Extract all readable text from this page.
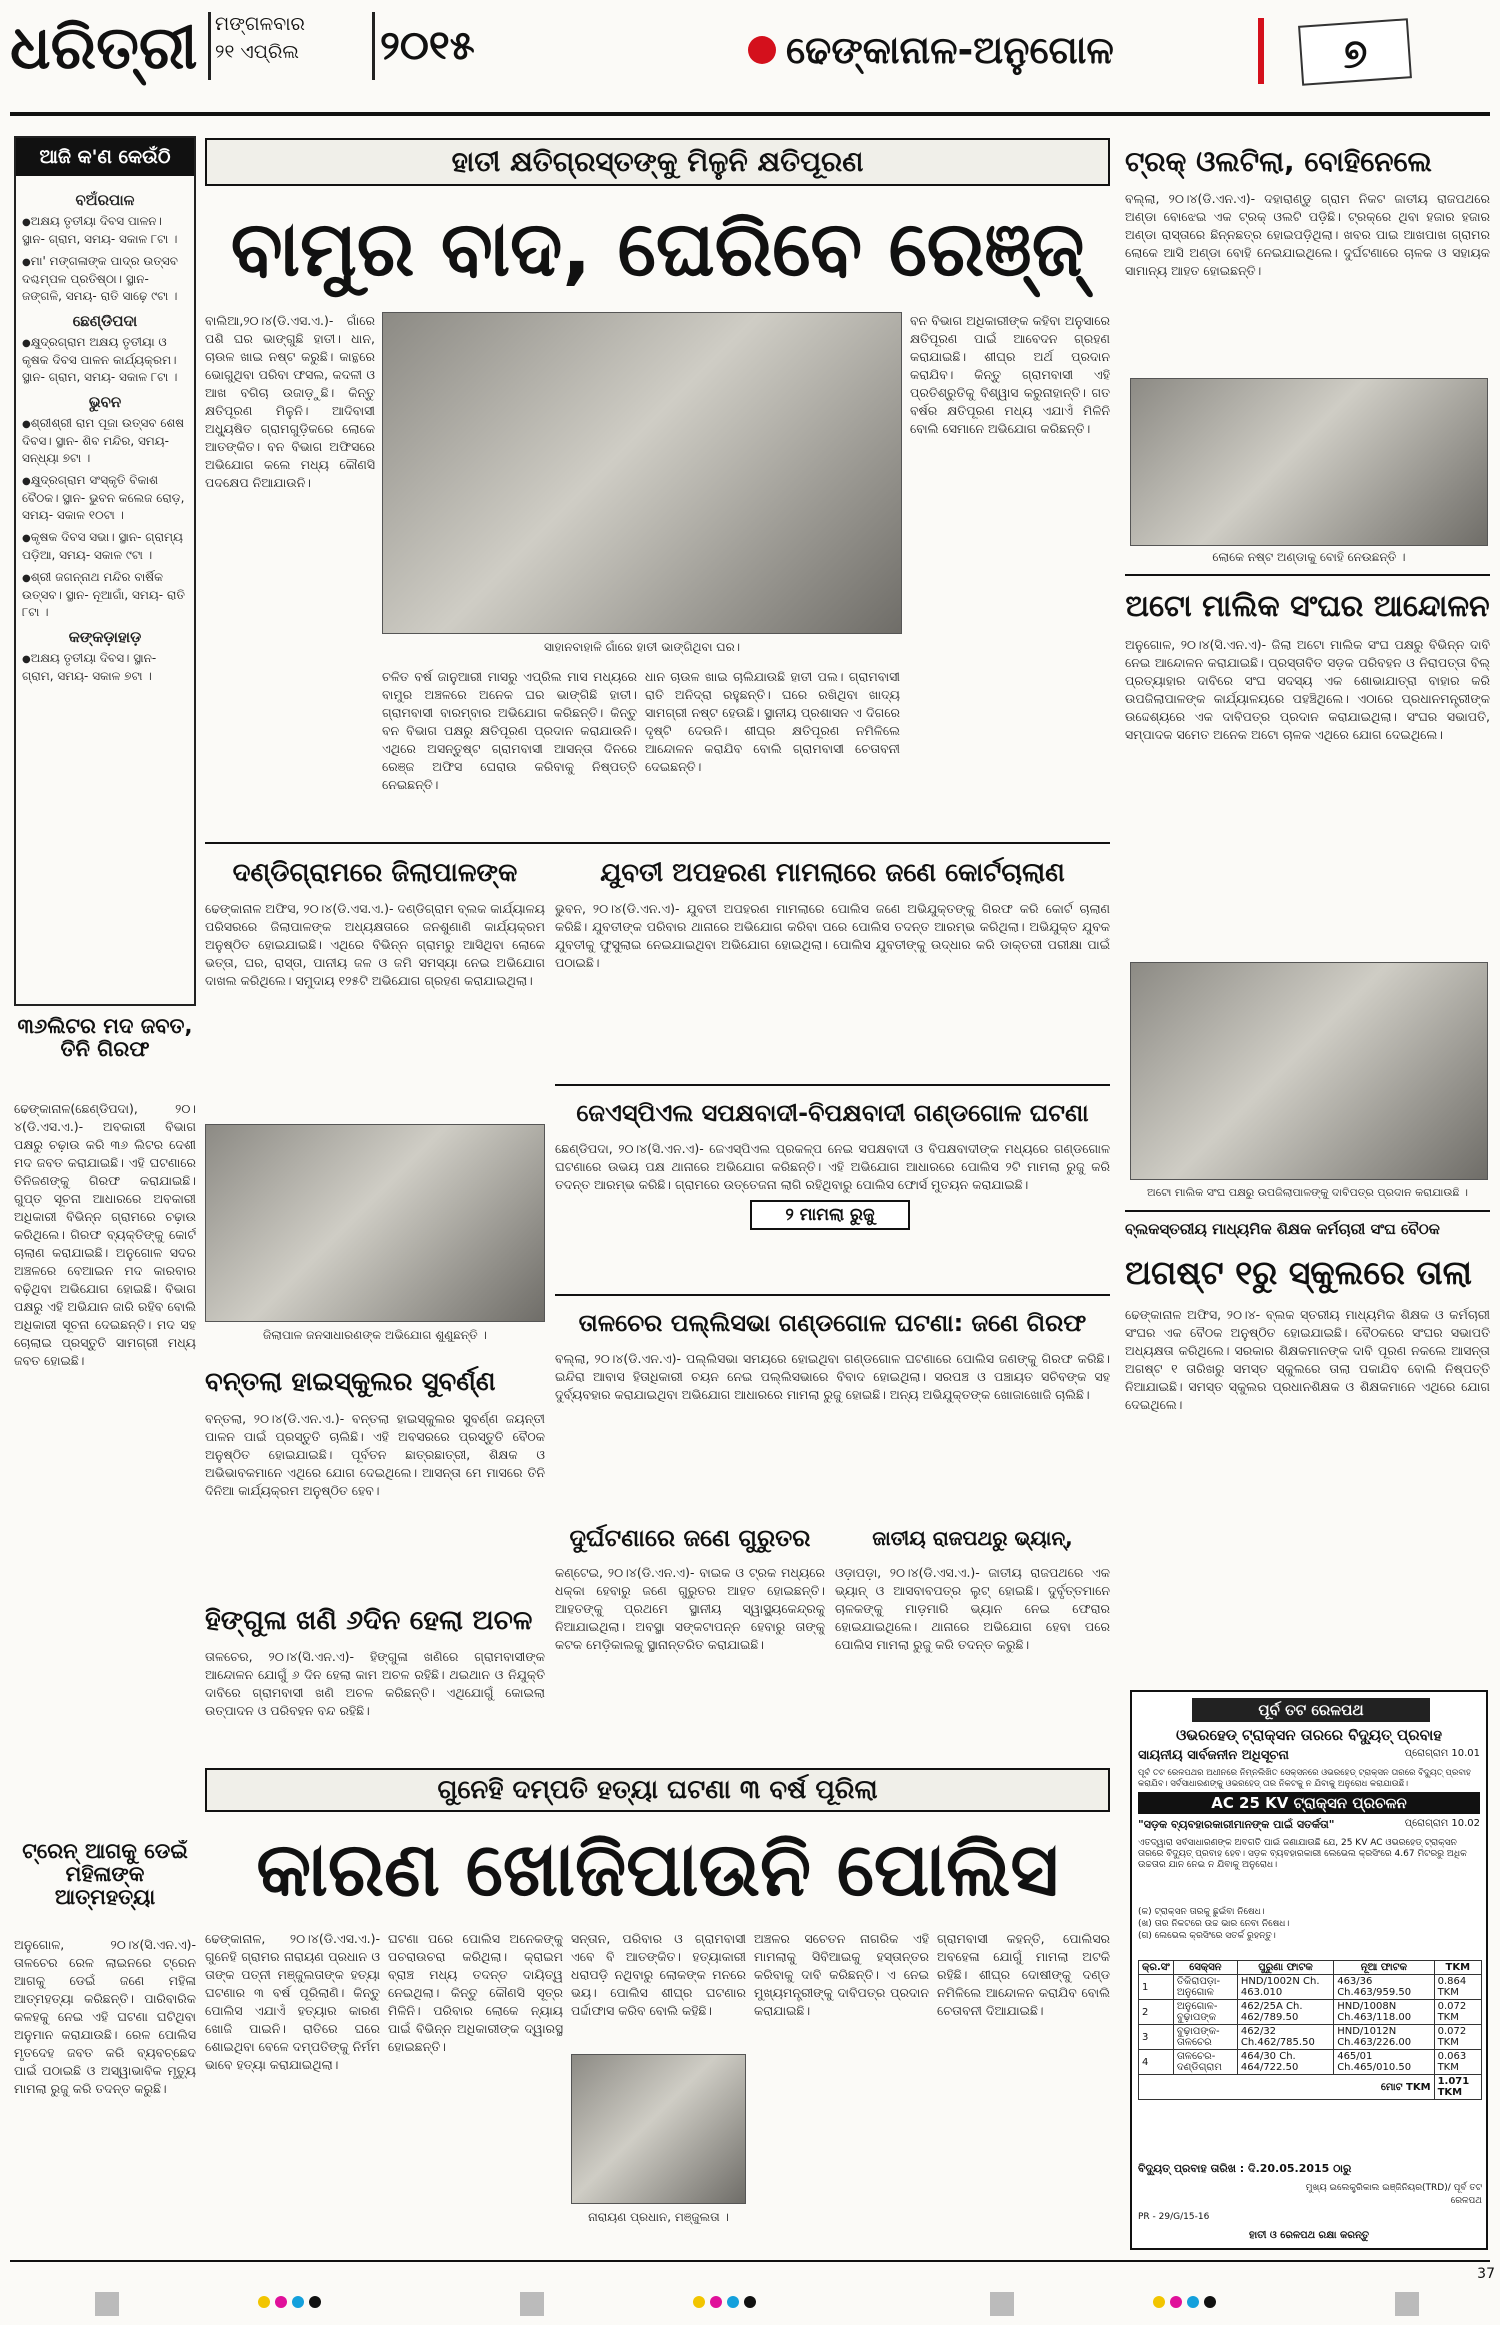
ଧରିତ୍ରୀ ମଙ୍ଗଳବାର
୨୧ ଏପ୍ରିଲ	୨୦୧୫	ଢେଙ୍କାନାଳ-ଅନୁଗୋଳ	୭
ଆଜି କ'ଣ କେଉଁଠି
ବଅଁରପାଳ
● ଅକ୍ଷୟ ତୃତୀୟା ଦିବସ ପାଳନ। ସ୍ଥାନ- ଗ୍ରାମ, ସମୟ- ସକାଳ ୮ଟା ।
● ମା' ମଙ୍ଗଳାଙ୍କ ପାଦ୍ର ଉତ୍ସବ ଦଶ୍ଚମ୍ପଳ ପ୍ରତିଷ୍ଠା। ସ୍ଥାନ- ଜଙ୍ଗଳି, ସମୟ- ରାତି ସାଢ଼େ ୯ଟା ।
ଛେଣ୍ଡିପଦା
● କ୍ଷୁଦ୍ରଗ୍ରାମ ଅକ୍ଷୟ ତୃତୀୟା ଓ କୃଷକ ଦିବସ ପାଳନ କାର୍ଯ୍ୟକ୍ରମ। ସ୍ଥାନ- ଗ୍ରାମ, ସମୟ- ସକାଳ ୮ଟା ।
ଭୁବନ
● ଶ୍ରୀଶ୍ରୀ ରାମ ପୂଜା ଉତ୍ସବ ଶେଷ ଦିବସ। ସ୍ଥାନ- ଶିବ ମନ୍ଦିର, ସମୟ- ସନ୍ଧ୍ୟା ୭ଟା ।
● କ୍ଷୁଦ୍ରଗ୍ରାମ ସଂସ୍କୃତି ବିକାଶ ବୈଠକ। ସ୍ଥାନ- ଭୁବନ କଲେଜ ରୋଡ଼, ସମୟ- ସକାଳ ୧୦ଟା ।
● କୃଷକ ଦିବସ ସଭା। ସ୍ଥାନ- ଗ୍ରାମ୍ୟ ପଡ଼ିଆ, ସମୟ- ସକାଳ ୯ଟା ।
● ଶ୍ରୀ ଜଗନ୍ନାଥ ମନ୍ଦିର ବାର୍ଷିକ ଉତ୍ସବ। ସ୍ଥାନ- ନୂଆଗାଁ, ସମୟ- ରାତି ୮ଟା ।
କଙ୍କଡ଼ାହାଡ଼
● ଅକ୍ଷୟ ତୃତୀୟା ଦିବସ। ସ୍ଥାନ- ଗ୍ରାମ, ସମୟ- ସକାଳ ୭ଟା ।
୩୬ଲିଟର ମଦ ଜବତ, ତିନି ଗିରଫ
ଢେଙ୍କାନାଳ(ଛେଣ୍ଡିପଦା), ୨୦।୪(ଡି.ଏସ.ଏ.)- ଅବକାରୀ ବିଭାଗ ପକ୍ଷରୁ ଚଢ଼ାଉ କରି ୩୬ ଲିଟର ଦେଶୀ ମଦ ଜବତ କରାଯାଇଛି। ଏହି ଘଟଣାରେ ତିନିଜଣଙ୍କୁ ଗିରଫ କରାଯାଇଛି। ଗୁପ୍ତ ସୂଚନା ଆଧାରରେ ଅବକାରୀ ଅଧିକାରୀ ବିଭିନ୍ନ ଗ୍ରାମରେ ଚଢ଼ାଉ କରିଥିଲେ। ଗିରଫ ବ୍ୟକ୍ତିଙ୍କୁ କୋର୍ଟ ଚାଲାଣ କରାଯାଇଛି। ଅନୁଗୋଳ ସଦର ଅଞ୍ଚଳରେ ବେଆଇନ ମଦ କାରବାର ବଢ଼ିଥିବା ଅଭିଯୋଗ ହୋଇଛି। ବିଭାଗ ପକ୍ଷରୁ ଏହି ଅଭିଯାନ ଜାରି ରହିବ ବୋଲି ଅଧିକାରୀ ସୂଚନା ଦେଇଛନ୍ତି। ମଦ ସହ ଚୋଲାଇ ପ୍ରସ୍ତୁତି ସାମଗ୍ରୀ ମଧ୍ୟ ଜବତ ହୋଇଛି।
ହାତୀ କ୍ଷତିଗ୍ରସ୍ତଙ୍କୁ ମିଳୁନି କ୍ଷତିପୂରଣ
ବାମୁର ବାଦ, ଘେରିବେ ରେଞ୍ଜ୍
ବାଲିଆ,୨୦।୪(ଡି.ଏସ.ଏ.)- ଗାଁରେ ପଶି ଘର ଭାଙ୍ଗୁଛି ହାତୀ। ଧାନ, ଚାଉଳ ଖାଇ ନଷ୍ଟ କରୁଛି। କାନ୍ଥରେ ଭୋଗୁଥିବା ପରିବା ଫସଲ, କଦଳୀ ଓ ଆଖ ବଗିଚା ଉଜାଡ଼ୁଛି। କିନ୍ତୁ କ୍ଷତିପୂରଣ ମିଳୁନି। ଆଦିବାସୀ ଅଧ୍ୟୁଷିତ ଗ୍ରାମଗୁଡ଼ିକରେ ଲୋକେ ଆତଙ୍କିତ। ବନ ବିଭାଗ ଅଫିସରେ ଅଭିଯୋଗ କଲେ ମଧ୍ୟ କୌଣସି ପଦକ୍ଷେପ ନିଆଯାଉନି।
ସାହାନବାହାଳି ଗାଁରେ ହାତୀ ଭାଙ୍ଗିଥିବା ଘର।
ଚଳିତ ବର୍ଷ ଜାନୁଆରୀ ମାସରୁ ଏପ୍ରିଲ ମାସ ମଧ୍ୟରେ ବାମୁର ଅଞ୍ଚଳରେ ଅନେକ ଘର ଭାଙ୍ଗିଛି ହାତୀ। ଗ୍ରାମବାସୀ ବାରମ୍ବାର ଅଭିଯୋଗ କରିଛନ୍ତି। କିନ୍ତୁ ବନ ବିଭାଗ ପକ୍ଷରୁ କ୍ଷତିପୂରଣ ପ୍ରଦାନ କରାଯାଉନି। ଏଥିରେ ଅସନ୍ତୁଷ୍ଟ ଗ୍ରାମବାସୀ ଆସନ୍ତା ଦିନରେ ରେଞ୍ଜ ଅଫିସ ଘେରାଉ କରିବାକୁ ନିଷ୍ପତ୍ତି ନେଇଛନ୍ତି।
ଧାନ ଚାଉଳ ଖାଇ ଚାଲିଯାଉଛି ହାତୀ ପଲ। ଗ୍ରାମବାସୀ ରାତି ଅନିଦ୍ରା ରହୁଛନ୍ତି। ଘରେ ରଖିଥିବା ଖାଦ୍ୟ ସାମଗ୍ରୀ ନଷ୍ଟ ହେଉଛି। ସ୍ଥାନୀୟ ପ୍ରଶାସନ ଏ ଦିଗରେ ଦୃଷ୍ଟି ଦେଉନି। ଶୀଘ୍ର କ୍ଷତିପୂରଣ ନମିଳିଲେ ଆନ୍ଦୋଳନ କରାଯିବ ବୋଲି ଗ୍ରାମବାସୀ ଚେତାବନୀ ଦେଇଛନ୍ତି।
ବନ ବିଭାଗ ଅଧିକାରୀଙ୍କ କହିବା ଅନୁସାରେ କ୍ଷତିପୂରଣ ପାଇଁ ଆବେଦନ ଗ୍ରହଣ କରାଯାଇଛି। ଶୀଘ୍ର ଅର୍ଥ ପ୍ରଦାନ କରାଯିବ। କିନ୍ତୁ ଗ୍ରାମବାସୀ ଏହି ପ୍ରତିଶ୍ରୁତିକୁ ବିଶ୍ୱାସ କରୁନାହାନ୍ତି। ଗତ ବର୍ଷର କ୍ଷତିପୂରଣ ମଧ୍ୟ ଏଯାଏଁ ମିଳିନି ବୋଲି ସେମାନେ ଅଭିଯୋଗ କରିଛନ୍ତି।
ଟ୍ରକ୍ ଓଲଟିଲା, ବୋହିନେଲେ
ବଲ୍ଲା, ୨୦।୪(ଡି.ଏନ.ଏ)- ଦହାରାଣ୍ଡୁ ଗ୍ରାମ ନିକଟ ଜାତୀୟ ରାଜପଥରେ ଅଣ୍ଡା ବୋଝେଇ ଏକ ଟ୍ରକ୍ ଓଲଟି ପଡ଼ିଛି। ଟ୍ରକ୍‌ରେ ଥିବା ହଜାର ହଜାର ଅଣ୍ଡା ରାସ୍ତାରେ ଛିନ୍ନଛତ୍ର ହୋଇପଡ଼ିଥିଲା। ଖବର ପାଇ ଆଖପାଖ ଗ୍ରାମର ଲୋକେ ଆସି ଅଣ୍ଡା ବୋହି ନେଇଯାଇଥିଲେ। ଦୁର୍ଘଟଣାରେ ଚାଳକ ଓ ସହାୟକ ସାମାନ୍ୟ ଆହତ ହୋଇଛନ୍ତି।
ଲୋକେ ନଷ୍ଟ ଅଣ୍ଡାକୁ ବୋହି ନେଉଛନ୍ତି ।
ଅଟୋ ମାଲିକ ସଂଘର ଆନ୍ଦୋଳନ
ଅନୁଗୋଳ, ୨୦।୪(ସି.ଏନ.ଏ)- ଜିଲା ଅଟୋ ମାଲିକ ସଂଘ ପକ୍ଷରୁ ବିଭିନ୍ନ ଦାବି ନେଇ ଆନ୍ଦୋଳନ କରାଯାଇଛି। ପ୍ରସ୍ତାବିତ ସଡ଼କ ପରିବହନ ଓ ନିରାପତ୍ତା ବିଲ୍ ପ୍ରତ୍ୟାହାର ଦାବିରେ ସଂଘ ସଦସ୍ୟ ଏକ ଶୋଭାଯାତ୍ରା ବାହାର କରି ଉପଜିଲାପାଳଙ୍କ କାର୍ଯ୍ୟାଳୟରେ ପହଞ୍ଚିଥିଲେ। ଏଠାରେ ପ୍ରଧାନମନ୍ତ୍ରୀଙ୍କ ଉଦ୍ଦେଶ୍ୟରେ ଏକ ଦାବିପତ୍ର ପ୍ରଦାନ କରାଯାଇଥିଲା। ସଂଘର ସଭାପତି, ସମ୍ପାଦକ ସମେତ ଅନେକ ଅଟୋ ଚାଳକ ଏଥିରେ ଯୋଗ ଦେଇଥିଲେ।
ଅଟୋ ମାଲିକ ସଂଘ ପକ୍ଷରୁ ଉପଜିଲାପାଳଙ୍କୁ ଦାବିପତ୍ର ପ୍ରଦାନ କରାଯାଉଛି ।
ବ୍ଲକସ୍ତରୀୟ ମାଧ୍ୟମିକ ଶିକ୍ଷକ କର୍ମଚାରୀ ସଂଘ ବୈଠକ
ଅଗଷ୍ଟ ୧ରୁ ସ୍କୁଲରେ ତାଲା
ଢେଙ୍କାନାଳ ଅଫିସ, ୨୦।୪- ବ୍ଲକ ସ୍ତରୀୟ ମାଧ୍ୟମିକ ଶିକ୍ଷକ ଓ କର୍ମଚାରୀ ସଂଘର ଏକ ବୈଠକ ଅନୁଷ୍ଠିତ ହୋଇଯାଇଛି। ବୈଠକରେ ସଂଘର ସଭାପତି ଅଧ୍ୟକ୍ଷତା କରିଥିଲେ। ସରକାର ଶିକ୍ଷକମାନଙ୍କ ଦାବି ପୂରଣ ନକଲେ ଆସନ୍ତା ଅଗଷ୍ଟ ୧ ତାରିଖରୁ ସମସ୍ତ ସ୍କୁଲରେ ତାଲା ପକାଯିବ ବୋଲି ନିଷ୍ପତ୍ତି ନିଆଯାଇଛି। ସମସ୍ତ ସ୍କୁଲର ପ୍ରଧାନଶିକ୍ଷକ ଓ ଶିକ୍ଷକମାନେ ଏଥିରେ ଯୋଗ ଦେଇଥିଲେ।
ଦଣ୍ଡିଗ୍ରାମରେ ଜିଲାପାଳଙ୍କ
ଢେଙ୍କାନାଳ ଅଫିସ, ୨୦।୪(ଡି.ଏସ.ଏ.)- ଦଣ୍ଡିଗ୍ରାମ ବ୍ଲକ କାର୍ଯ୍ୟାଳୟ ପରିସରରେ ଜିଲାପାଳଙ୍କ ଅଧ୍ୟକ୍ଷତାରେ ଜନଶୁଣାଣି କାର୍ଯ୍ୟକ୍ରମ ଅନୁଷ୍ଠିତ ହୋଇଯାଇଛି। ଏଥିରେ ବିଭିନ୍ନ ଗ୍ରାମରୁ ଆସିଥିବା ଲୋକେ ଭତ୍ତା, ଘର, ରାସ୍ତା, ପାନୀୟ ଜଳ ଓ ଜମି ସମସ୍ୟା ନେଇ ଅଭିଯୋଗ ଦାଖଲ କରିଥିଲେ। ସମୁଦାୟ ୧୨୫ଟି ଅଭିଯୋଗ ଗ୍ରହଣ କରାଯାଇଥିଲା।
ଜିଲାପାଳ ଜନସାଧାରଣଙ୍କ ଅଭିଯୋଗ ଶୁଣୁଛନ୍ତି ।
ବନ୍ତଲା ହାଇସ୍କୁଲର ସୁବର୍ଣ୍ଣ
ବନ୍ତଲା, ୨୦।୪(ଡି.ଏନ.ଏ.)- ବନ୍ତଲା ହାଇସ୍କୁଲର ସୁବର୍ଣ୍ଣ ଜୟନ୍ତୀ ପାଳନ ପାଇଁ ପ୍ରସ୍ତୁତି ଚାଲିଛି। ଏହି ଅବସରରେ ପ୍ରସ୍ତୁତି ବୈଠକ ଅନୁଷ୍ଠିତ ହୋଇଯାଇଛି। ପୂର୍ବତନ ଛାତ୍ରଛାତ୍ରୀ, ଶିକ୍ଷକ ଓ ଅଭିଭାବକମାନେ ଏଥିରେ ଯୋଗ ଦେଇଥିଲେ। ଆସନ୍ତା ମେ ମାସରେ ତିନି ଦିନିଆ କାର୍ଯ୍ୟକ୍ରମ ଅନୁଷ୍ଠିତ ହେବ।
ହିଙ୍ଗୁଳା ଖଣି ୬ଦିନ ହେଲା ଅଚଳ
ତାଳଚେର, ୨୦।୪(ସି.ଏନ.ଏ)- ହିଙ୍ଗୁଳା ଖଣିରେ ଗ୍ରାମବାସୀଙ୍କ ଆନ୍ଦୋଳନ ଯୋଗୁଁ ୬ ଦିନ ହେଲା କାମ ଅଚଳ ରହିଛି। ଥଇଥାନ ଓ ନିଯୁକ୍ତି ଦାବିରେ ଗ୍ରାମବାସୀ ଖଣି ଅଚଳ କରିଛନ୍ତି। ଏଥିଯୋଗୁଁ କୋଇଲା ଉତ୍ପାଦନ ଓ ପରିବହନ ବନ୍ଦ ରହିଛି।
ଯୁବତୀ ଅପହରଣ ମାମଲାରେ ଜଣେ କୋର୍ଟଚାଲାଣ
ଭୁବନ, ୨୦।୪(ଡି.ଏନ.ଏ)- ଯୁବତୀ ଅପହରଣ ମାମଲାରେ ପୋଲିସ ଜଣେ ଅଭିଯୁକ୍ତଙ୍କୁ ଗିରଫ କରି କୋର୍ଟ ଚାଲାଣ କରିଛି। ଯୁବତୀଙ୍କ ପରିବାର ଥାନାରେ ଅଭିଯୋଗ କରିବା ପରେ ପୋଲିସ ତଦନ୍ତ ଆରମ୍ଭ କରିଥିଲା। ଅଭିଯୁକ୍ତ ଯୁବକ ଯୁବତୀକୁ ଫୁସୁଲାଇ ନେଇଯାଇଥିବା ଅଭିଯୋଗ ହୋଇଥିଲା। ପୋଲିସ ଯୁବତୀଙ୍କୁ ଉଦ୍ଧାର କରି ଡାକ୍ତରୀ ପରୀକ୍ଷା ପାଇଁ ପଠାଇଛି।
ଜେଏସ୍‌ପିଏଲ ସପକ୍ଷବାଦୀ-ବିପକ୍ଷବାଦୀ ଗଣ୍ଡଗୋଳ ଘଟଣା
ଛେଣ୍ଡିପଦା, ୨୦।୪(ସି.ଏନ.ଏ)- ଜେଏସ୍‌ପିଏଲ ପ୍ରକଳ୍ପ ନେଇ ସପକ୍ଷବାଦୀ ଓ ବିପକ୍ଷବାଦୀଙ୍କ ମଧ୍ୟରେ ଗଣ୍ଡଗୋଳ ଘଟଣାରେ ଉଭୟ ପକ୍ଷ ଥାନାରେ ଅଭିଯୋଗ କରିଛନ୍ତି। ଏହି ଅଭିଯୋଗ ଆଧାରରେ ପୋଲିସ ୨ଟି ମାମଲା ରୁଜୁ କରି ତଦନ୍ତ ଆରମ୍ଭ କରିଛି। ଗ୍ରାମରେ ଉତ୍ତେଜନା ଲାଗି ରହିଥିବାରୁ ପୋଲିସ ଫୋର୍ସ ମୁତୟନ କରାଯାଇଛି।
୨ ମାମଲା ରୁଜୁ
ତାଳଚେର ପଲ୍ଲିସଭା ଗଣ୍ଡଗୋଳ ଘଟଣା: ଜଣେ ଗିରଫ
ବଲ୍ଲା, ୨୦।୪(ଡି.ଏନ.ଏ)- ପଲ୍ଲିସଭା ସମୟରେ ହୋଇଥିବା ଗଣ୍ଡଗୋଳ ଘଟଣାରେ ପୋଲିସ ଜଣଙ୍କୁ ଗିରଫ କରିଛି। ଇନ୍ଦିରା ଆବାସ ହିତାଧିକାରୀ ଚୟନ ନେଇ ପଲ୍ଲିସଭାରେ ବିବାଦ ହୋଇଥିଲା। ସରପଞ୍ଚ ଓ ପଞ୍ଚାୟତ ସଚିବଙ୍କ ସହ ଦୁର୍ବ୍ୟବହାର କରାଯାଇଥିବା ଅଭିଯୋଗ ଆଧାରରେ ମାମଲା ରୁଜୁ ହୋଇଛି। ଅନ୍ୟ ଅଭିଯୁକ୍ତଙ୍କ ଖୋଜାଖୋଜି ଚାଲିଛି।
ଦୁର୍ଘଟଣାରେ ଜଣେ ଗୁରୁତର
କଣ୍ଟେଇ, ୨୦।୪(ଡି.ଏନ.ଏ)- ବାଇକ ଓ ଟ୍ରକ ମଧ୍ୟରେ ଧକ୍କା ହେବାରୁ ଜଣେ ଗୁରୁତର ଆହତ ହୋଇଛନ୍ତି। ଆହତଙ୍କୁ ପ୍ରଥମେ ସ୍ଥାନୀୟ ସ୍ୱାସ୍ଥ୍ୟକେନ୍ଦ୍ରକୁ ନିଆଯାଇଥିଲା। ଅବସ୍ଥା ସଙ୍କଟାପନ୍ନ ହେବାରୁ ତାଙ୍କୁ କଟକ ମେଡ଼ିକାଲକୁ ସ୍ଥାନାନ୍ତରିତ କରାଯାଇଛି।
ଜାତୀୟ ରାଜପଥରୁ ଭ୍ୟାନ୍,
ଓଡ଼ାପଡ଼ା, ୨୦।୪(ଡି.ଏସ.ଏ.)- ଜାତୀୟ ରାଜପଥରେ ଏକ ଭ୍ୟାନ୍ ଓ ଆସବାବପତ୍ର ଲୁଟ୍ ହୋଇଛି। ଦୁର୍ବୃତ୍ତମାନେ ଚାଳକଙ୍କୁ ମାଡ଼ମାରି ଭ୍ୟାନ ନେଇ ଫେରାର ହୋଇଯାଇଥିଲେ। ଥାନାରେ ଅଭିଯୋଗ ହେବା ପରେ ପୋଲିସ ମାମଲା ରୁଜୁ କରି ତଦନ୍ତ କରୁଛି।
ଗୁନେହି ଦମ୍ପତି ହତ୍ୟା ଘଟଣା ୩ ବର୍ଷ ପୂରିଲା
କାରଣ ଖୋଜିପାଉନି ପୋଲିସ
ଢେଙ୍କାନାଳ, ୨୦।୪(ଡି.ଏସ.ଏ.)- ଗୁନେହି ଗ୍ରାମର ନାରାୟଣ ପ୍ରଧାନ ଓ ତାଙ୍କ ପତ୍ନୀ ମଞ୍ଜୁଲତାଙ୍କ ହତ୍ୟା ଘଟଣାର ୩ ବର୍ଷ ପୂରିଲାଣି। କିନ୍ତୁ ପୋଲିସ ଏଯାଏଁ ହତ୍ୟାର କାରଣ ଖୋଜି ପାଇନି। ରାତିରେ ଘରେ ଶୋଇଥିବା ବେଳେ ଦମ୍ପତିଙ୍କୁ ନିର୍ମମ ଭାବେ ହତ୍ୟା କରାଯାଇଥିଲା।
ଘଟଣା ପରେ ପୋଲିସ ଅନେକଙ୍କୁ ପଚରାଉଚରା କରିଥିଲା। କ୍ରାଇମ ବ୍ରାଞ୍ଚ ମଧ୍ୟ ତଦନ୍ତ ଦାୟିତ୍ୱ ନେଇଥିଲା। କିନ୍ତୁ କୌଣସି ସୂତ୍ର ମିଳିନି। ପରିବାର ଲୋକେ ନ୍ୟାୟ ପାଇଁ ବିଭିନ୍ନ ଅଧିକାରୀଙ୍କ ଦ୍ୱାରସ୍ଥ ହୋଇଛନ୍ତି।
ସନ୍ତାନ, ପରିବାର ଓ ଗ୍ରାମବାସୀ ଏବେ ବି ଆତଙ୍କିତ। ହତ୍ୟାକାରୀ ଧରାପଡ଼ି ନଥିବାରୁ ଲୋକଙ୍କ ମନରେ ଭୟ। ପୋଲିସ ଶୀଘ୍ର ଘଟଣାର ପର୍ଦ୍ଦାଫାସ କରିବ ବୋଲି କହିଛି।
ନାରାୟଣ ପ୍ରଧାନ, ମଞ୍ଜୁଲତା ।
ଅଞ୍ଚଳର ସଚେତନ ନାଗରିକ ଏହି ମାମଲାକୁ ସିବିଆଇକୁ ହସ୍ତାନ୍ତର କରିବାକୁ ଦାବି କରିଛନ୍ତି। ଏ ନେଇ ମୁଖ୍ୟମନ୍ତ୍ରୀଙ୍କୁ ଦାବିପତ୍ର ପ୍ରଦାନ କରାଯାଇଛି।
ଗ୍ରାମବାସୀ କହନ୍ତି, ପୋଲିସର ଅବହେଳା ଯୋଗୁଁ ମାମଲା ଅଟକି ରହିଛି। ଶୀଘ୍ର ଦୋଷୀଙ୍କୁ ଦଣ୍ଡ ନମିଳିଲେ ଆନ୍ଦୋଳନ କରାଯିବ ବୋଲି ଚେତାବନୀ ଦିଆଯାଇଛି।
ଟ୍ରେନ୍ ଆଗକୁ ଡେଇଁ ମହିଳାଙ୍କ ଆତ୍ମହତ୍ୟା
ଅନୁଗୋଳ, ୨୦।୪(ସି.ଏନ.ଏ)- ତାଳଚେର ରେଳ ଲାଇନରେ ଟ୍ରେନ ଆଗକୁ ଡେଇଁ ଜଣେ ମହିଳା ଆତ୍ମହତ୍ୟା କରିଛନ୍ତି। ପାରିବାରିକ କଳହକୁ ନେଇ ଏହି ଘଟଣା ଘଟିଥିବା ଅନୁମାନ କରାଯାଉଛି। ରେଳ ପୋଲିସ ମୃତଦେହ ଜବତ କରି ବ୍ୟବଚ୍ଛେଦ ପାଇଁ ପଠାଇଛି ଓ ଅସ୍ୱାଭାବିକ ମୃତ୍ୟୁ ମାମଲା ରୁଜୁ କରି ତଦନ୍ତ କରୁଛି।
ପୂର୍ବ ତଟ ରେଳପଥ
ଓଭରହେଡ୍ ଟ୍ରାକ୍ସନ ତାରରେ ବିଦ୍ୟୁତ୍ ପ୍ରବାହ
ସାୟନୀୟ ସାର୍ବଜନୀନ ଅଧିସୂଚନା	ପ୍ରୋଗ୍ରାମ 10.01
ପୂର୍ବ ତଟ ରେଳପଥର ଅଧୀନରେ ନିମ୍ନଲିଖିତ ସେକ୍ସନରେ ଓଭରହେଡ୍ ଟ୍ରାକ୍ସନ ତାରରେ ବିଦ୍ୟୁତ୍ ପ୍ରବାହ କରାଯିବ। ସର୍ବସାଧାରଣଙ୍କୁ ଓଭରହେଡ୍ ତାର ନିକଟକୁ ନ ଯିବାକୁ ଅନୁରୋଧ କରାଯାଉଛି।
AC 25 KV ଟ୍ରାକ୍ସନ ପ୍ରଚଳନ
"ସଡ଼କ ବ୍ୟବହାରକାରୀମାନଙ୍କ ପାଇଁ ସତର୍କତା"	ପ୍ରୋଗ୍ରାମ 10.02
ଏତଦ୍ୱାରା ସର୍ବସାଧାରଣଙ୍କ ଅବଗତି ପାଇଁ ଜଣାଯାଉଛି ଯେ, 25 KV AC ଓଭରହେଡ୍ ଟ୍ରାକ୍ସନ ତାରରେ ବିଦ୍ୟୁତ୍ ପ୍ରବାହ ହେବ। ସଡ଼କ ବ୍ୟବହାରକାରୀ ଲେଭେଲ କ୍ରସିଂରେ 4.67 ମିଟରରୁ ଅଧିକ ଉଚ୍ଚତାର ଯାନ ନେଇ ନ ଯିବାକୁ ଅନୁରୋଧ।
(କ) ଟ୍ରାକ୍ସନ ତାରକୁ ଛୁଇଁବା ନିଷେଧ।
(ଖ) ତାର ନିକଟରେ ଉଚ୍ଚ ଭାର ନେବା ନିଷେଧ।
(ଗ) ଲେଭେଲ କ୍ରସିଂରେ ସତର୍କ ରୁହନ୍ତୁ।
କ୍ର.ସଂ	ସେକ୍ସନ	ପୁରୁଣା ଫାଟକ	ନୂଆ ଫାଟକ	TKM
1	ତିକିରାପଡ଼ା-ଅନୁଗୋଳ	HND/1002N Ch. 463.010	463/36 Ch.463/959.50	0.864 TKM
2	ଅନୁଗୋଳ-ବୁଢ଼ାପଙ୍କ	462/25A Ch. 462/789.50	HND/1008N Ch.463/118.00	0.072 TKM
3	ବୁଢ଼ାପଙ୍କ-ତାଳଚେର	462/32 Ch.462/785.50	HND/1012N Ch.463/226.00	0.072 TKM
4	ତାଳଚେର-ଦଣ୍ଡିଗ୍ରାମ	464/30 Ch. 464/722.50	465/01 Ch.465/010.50	0.063 TKM
ମୋଟ TKM				1.071 TKM
ବିଦ୍ୟୁତ୍ ପ୍ରବାହ ତାରିଖ : ଦି.20.05.2015 ଠାରୁ
ମୁଖ୍ୟ ଇଲେକ୍ଟ୍ରିକାଲ ଇଞ୍ଜିନିୟର(TRD)/ ପୂର୍ବ ତଟ ରେଳପଥ
PR - 29/G/15-16
ହାତୀ ଓ ରେଳପଥ ରକ୍ଷା କରନ୍ତୁ
37
